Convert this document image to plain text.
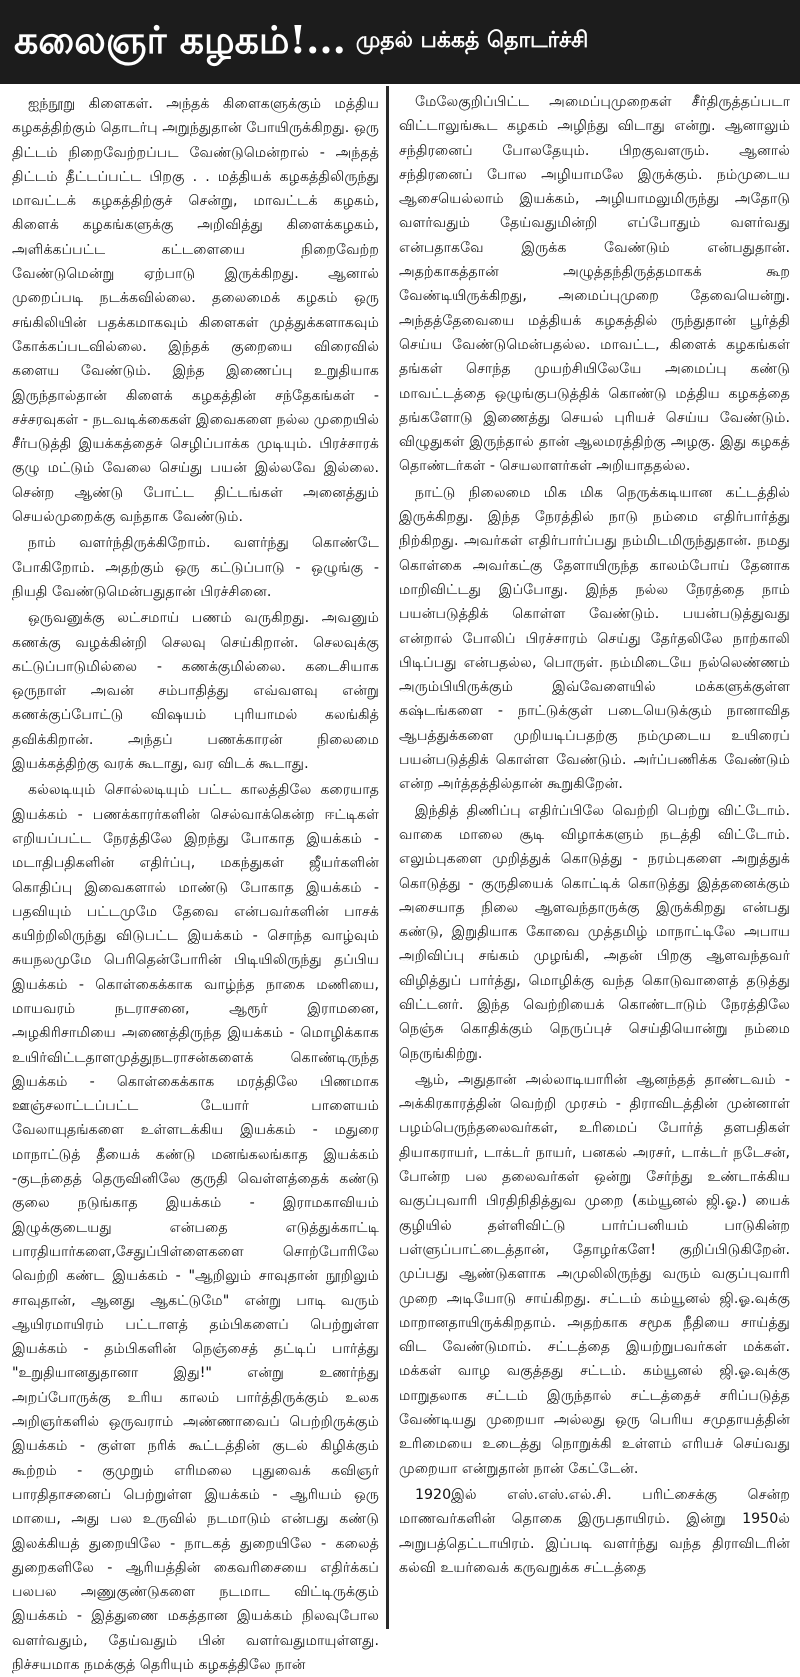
கலைஞர் கழகம்!... முதல் பக்கத் தொடர்ச்சி

ஐந்நூறு கிளைகள். அந்தக் கிளைகளுக்கும் மத்திய கழகத்திற்கும் தொடர்பு அறுந்துதான் போயிருக்கிறது. ஒரு திட்டம் நிறைவேற்றப்பட வேண்டுமென்றால் - அந்தத் திட்டம் தீட்டப்பட்ட பிறகு . . மத்தியக் கழகத்திலிருந்து மாவட்டக் கழகத்திற்குச் சென்று, மாவட்டக் கழகம், கிளைக் கழகங்களுக்கு அறிவித்து கிளைக்கழகம், அளிக்கப்பட்ட கட்டளையை நிறைவேற்ற வேண்டுமென்று ஏற்பாடு இருக்கிறது. ஆனால் முறைப்படி நடக்கவில்லை. தலைமைக் கழகம் ஒரு சங்கிலியின் பதக்கமாகவும் கிளைகள் முத்துக்களாகவும் கோக்கப்படவில்லை. இந்தக் குறையை விரைவில் களைய வேண்டும். இந்த இணைப்பு உறுதியாக இருந்தால்தான் கிளைக் கழகத்தின் சந்தேகங்கள் - சச்சரவுகள் - நடவடிக்கைகள் இவைகளை நல்ல முறையில் சீர்படுத்தி இயக்கத்தைச் செழிப்பாக்க முடியும். பிரச்சாரக் குழு மட்டும் வேலை செய்து பயன் இல்லவே இல்லை. சென்ற ஆண்டு போட்ட திட்டங்கள் அனைத்தும் செயல்முறைக்கு வந்தாக வேண்டும்.

நாம் வளர்ந்திருக்கிறோம். வளர்ந்து கொண்டே போகிறோம். அதற்கும் ஒரு கட்டுப்பாடு - ஒழுங்கு - நியதி வேண்டுமென்பதுதான் பிரச்சினை.

ஒருவனுக்கு லட்சமாய் பணம் வருகிறது. அவனும் கணக்கு வழக்கின்றி செலவு செய்கிறான். செலவுக்கு கட்டுப்பாடுமில்லை - கணக்குமில்லை. கடைசியாக ஒருநாள் அவன் சம்பாதித்து எவ்வளவு என்று கணக்குப்போட்டு விஷயம் புரியாமல் கலங்கித் தவிக்கிறான். அந்தப் பணக்காரன் நிலைமை இயக்கத்திற்கு வரக் கூடாது, வர விடக் கூடாது.

கல்லடியும் சொல்லடியும் பட்ட காலத்திலே கரையாத இயக்கம் - பணக்காரர்களின் செல்வாக்கென்ற ஈட்டிகள் எறியப்பட்ட நேரத்திலே இறந்து போகாத இயக்கம் - மடாதிபதிகளின் எதிர்ப்பு, மகந்துகள் ஜீயர்களின் கொதிப்பு இவைகளால் மாண்டு போகாத இயக்கம் - பதவியும் பட்டமுமே தேவை என்பவர்களின் பாசக் கயிற்றிலிருந்து விடுபட்ட இயக்கம் - சொந்த வாழ்வும் சுயநலமுமே பெரிதென்போரின் பிடியிலிருந்து தப்பிய இயக்கம் - கொள்கைக்காக வாழ்ந்த நாகை மணியை, மாயவரம் நடராசனை, ஆரூர் இராமனை, அழகிரிசாமியை அணைத்திருந்த இயக்கம் - மொழிக்காக உயிர்விட்டதாளமுத்துநடராசன்களைக் கொண்டிருந்த இயக்கம் - கொள்கைக்காக மரத்திலே பிணமாக ஊஞ்சலாட்டப்பட்ட டேயார் பாளையம் வேலாயுதங்களை உள்ளடக்கிய இயக்கம் - மதுரை மாநாட்டுத் தீயைக் கண்டு மனங்கலங்காத இயக்கம் -குடந்தைத் தெருவினிலே குருதி வெள்ளத்தைக் கண்டு குலை நடுங்காத இயக்கம் - இராமகாவியம் இழுக்குடையது என்பதை எடுத்துக்காட்டி பாரதியார்களை,சேதுப்பிள்ளைகளை சொற்போரிலே வெற்றி கண்ட இயக்கம் - "ஆறிலும் சாவுதான் நூறிலும் சாவுதான், ஆனது ஆகட்டுமே" என்று பாடி வரும் ஆயிரமாயிரம் பட்டாளத் தம்பிகளைப் பெற்றுள்ள இயக்கம் - தம்பிகளின் நெஞ்சைத் தட்டிப் பார்த்து "உறுதியானதுதானா இது!" என்று உணர்ந்து அறப்போருக்கு உரிய காலம் பார்த்திருக்கும் உலக அறிஞர்களில் ஒருவராம் அண்ணாவைப் பெற்றிருக்கும் இயக்கம் - குள்ள நரிக் கூட்டத்தின் குடல் கிழிக்கும் கூற்றம் - குமுறும் எரிமலை புதுவைக் கவிஞர் பாரதிதாசனைப் பெற்றுள்ள இயக்கம் - ஆரியம் ஒரு மாயை, அது பல உருவில் நடமாடும் என்பது கண்டு இலக்கியத் துறையிலே - நாடகத் துறையிலே - கலைத் துறைகளிலே - ஆரியத்தின் கைவரிசையை எதிர்க்கப் பலபல அணுகுண்டுகளை நடமாட விட்டிருக்கும் இயக்கம் - இத்துணை மகத்தான இயக்கம் நிலவுபோல வளர்வதும், தேய்வதும் பின் வளர்வதுமாயுள்ளது. நிச்சயமாக நமக்குத் தெரியும் கழகத்திலே நான்

மேலேகுறிப்பிட்ட அமைப்புமுறைகள் சீர்திருத்தப்படா விட்டாலுங்கூட கழகம் அழிந்து விடாது என்று. ஆனாலும் சந்திரனைப் போலதேயும். பிறகுவளரும். ஆனால் சந்திரனைப் போல அழியாமலே இருக்கும். நம்முடைய ஆசையெல்லாம் இயக்கம், அழியாமலுமிருந்து அதோடு வளர்வதும் தேய்வதுமின்றி எப்போதும் வளர்வது என்பதாகவே இருக்க வேண்டும் என்பதுதான். அதற்காகத்தான் அழுத்தந்திருத்தமாகக் கூற வேண்டியிருக்கிறது, அமைப்புமுறை தேவையென்று. அந்தத்தேவையை மத்தியக் கழகத்தில் ருந்துதான் பூர்த்தி செய்ய வேண்டுமென்பதல்ல. மாவட்ட, கிளைக் கழகங்கள் தங்கள் சொந்த முயற்சியிலேயே அமைப்பு கண்டு மாவட்டத்தை ஒழுங்குபடுத்திக் கொண்டு மத்திய கழகத்தை தங்களோடு இணைத்து செயல் புரியச் செய்ய வேண்டும். விழுதுகள் இருந்தால் தான் ஆலமரத்திற்கு அழகு. இது கழகத் தொண்டர்கள் - செயலாளர்கள் அறியாததல்ல.

நாட்டு நிலைமை மிக மிக நெருக்கடியான கட்டத்தில் இருக்கிறது. இந்த நேரத்தில் நாடு நம்மை எதிர்பார்த்து நிற்கிறது. அவர்கள் எதிர்பார்ப்பது நம்மிடமிருந்துதான். நமது கொள்கை அவர்கட்கு தேளாயிருந்த காலம்போய் தேனாக மாறிவிட்டது இப்போது. இந்த நல்ல நேரத்தை நாம் பயன்படுத்திக் கொள்ள வேண்டும். பயன்படுத்துவது என்றால் போலிப் பிரச்சாரம் செய்து தேர்தலிலே நாற்காலி பிடிப்பது என்பதல்ல, பொருள். நம்மிடையே நல்லெண்ணம் அரும்பியிருக்கும் இவ்வேளையில் மக்களுக்குள்ள கஷ்டங்களை - நாட்டுக்குள் படையெடுக்கும் நானாவித ஆபத்துக்களை முறியடிப்பதற்கு நம்முடைய உயிரைப் பயன்படுத்திக் கொள்ள வேண்டும். அர்ப்பணிக்க வேண்டும் என்ற அர்த்தத்தில்தான் கூறுகிறேன்.

இந்தித் திணிப்பு எதிர்ப்பிலே வெற்றி பெற்று விட்டோம். வாகை மாலை சூடி விழாக்களும் நடத்தி விட்டோம். எலும்புகளை முறித்துக் கொடுத்து - நரம்புகளை அறுத்துக் கொடுத்து - குருதியைக் கொட்டிக் கொடுத்து இத்தனைக்கும் அசையாத நிலை ஆளவந்தாருக்கு இருக்கிறது என்பது கண்டு, இறுதியாக கோவை முத்தமிழ் மாநாட்டிலே அபாய அறிவிப்பு சங்கம் முழங்கி, அதன் பிறகு ஆளவந்தவர் விழித்துப் பார்த்து, மொழிக்கு வந்த கொடுவாளைத் தடுத்து விட்டனர். இந்த வெற்றியைக் கொண்டாடும் நேரத்திலே நெஞ்சு கொதிக்கும் நெருப்புச் செய்தியொன்று நம்மை நெருங்கிற்று.

ஆம், அதுதான் அல்லாடியாரின் ஆனந்தத் தாண்டவம் - அக்கிரகாரத்தின் வெற்றி முரசம் - திராவிடத்தின் முன்னாள் பழம்பெருந்தலைவர்கள், உரிமைப் போர்த் தளபதிகள் தியாகராயர், டாக்டர் நாயர், பனகல் அரசர், டாக்டர் நடேசன், போன்ற பல தலைவர்கள் ஒன்று சேர்ந்து உண்டாக்கிய வகுப்புவாரி பிரதிநிதித்துவ முறை (கம்யூனல் ஜி.ஓ.) யைக் குழியில் தள்ளிவிட்டு பார்ப்பனியம் பாடுகின்ற பள்ளுப்பாட்டைத்தான், தோழர்களே! குறிப்பிடுகிறேன். முப்பது ஆண்டுகளாக அமுலிலிருந்து வரும் வகுப்புவாரி முறை அடியோடு சாய்கிறது. சட்டம் கம்யூனல் ஜி.ஓ.வுக்கு மாறானதாயிருக்கிறதாம். அதற்காக சமூக நீதியை சாய்த்து விட வேண்டுமாம். சட்டத்தை இயற்றுபவர்கள் மக்கள். மக்கள் வாழ வகுத்தது சட்டம். கம்யூனல் ஜி.ஓ.வுக்கு மாறுதலாக சட்டம் இருந்தால் சட்டத்தைச் சரிப்படுத்த வேண்டியது முறையா அல்லது ஒரு பெரிய சமுதாயத்தின் உரிமையை உடைத்து நொறுக்கி உள்ளம் எரியச் செய்வது முறையா என்றுதான் நான் கேட்டேன்.

1920இல் எஸ்.எஸ்.எல்.சி. பரிட்சைக்கு சென்ற மாணவர்களின் தொகை இருபதாயிரம். இன்று 1950ல் அறுபத்தெட்டாயிரம். இப்படி வளர்ந்து வந்த திராவிடரின் கல்வி உயர்வைக் கருவறுக்க சட்டத்தை
